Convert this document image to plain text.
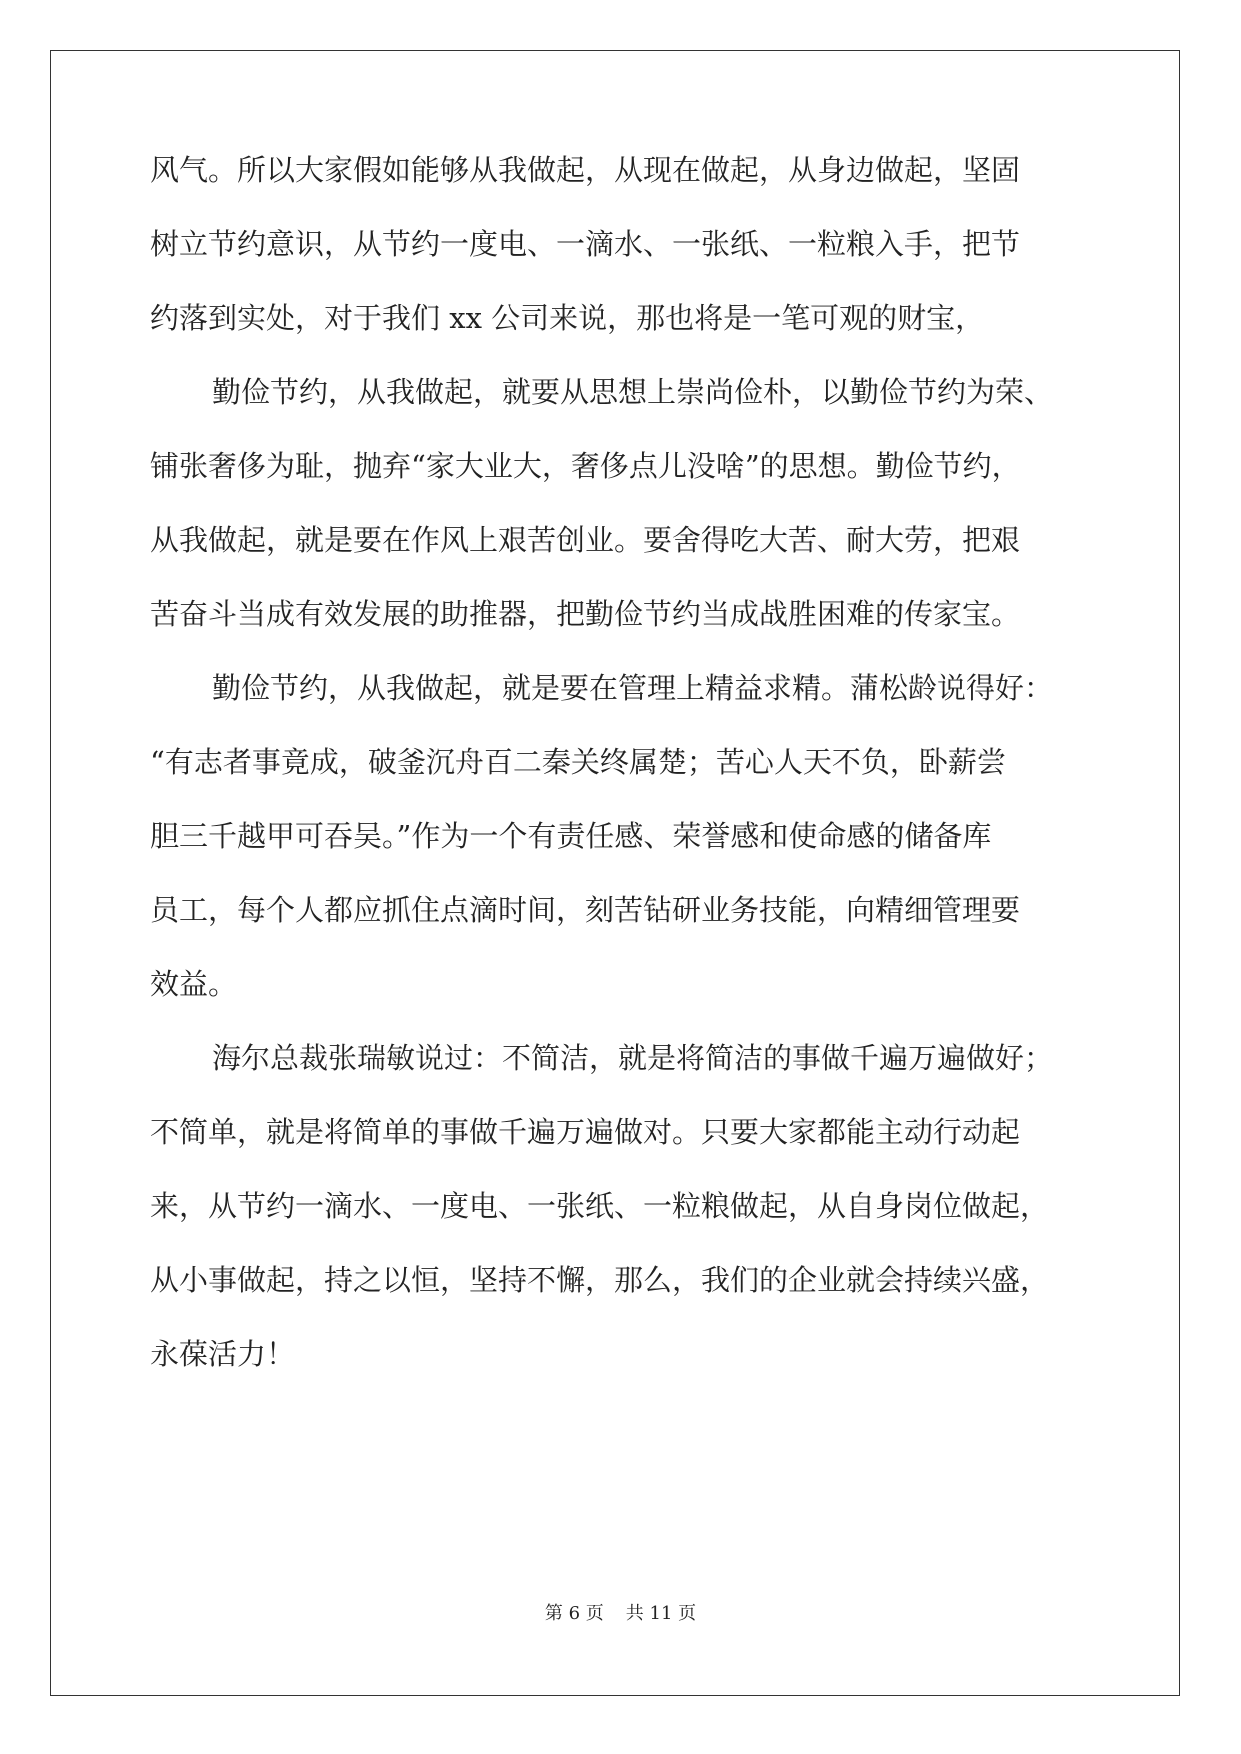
风气。所以大家假如能够从我做起，从现在做起，从身边做起，坚固
树立节约意识，从节约一度电、一滴水、一张纸、一粒粮入手，把节
约落到实处，对于我们 xx 公司来说，那也将是一笔可观的财宝，
勤俭节约，从我做起，就要从思想上崇尚俭朴，以勤俭节约为荣、
铺张奢侈为耻，抛弃“家大业大，奢侈点儿没啥”的思想。勤俭节约，
从我做起，就是要在作风上艰苦创业。要舍得吃大苦、耐大劳，把艰
苦奋斗当成有效发展的助推器，把勤俭节约当成战胜困难的传家宝。
勤俭节约，从我做起，就是要在管理上精益求精。蒲松龄说得好：
“有志者事竟成，破釜沉舟百二秦关终属楚；苦心人天不负，卧薪尝
胆三千越甲可吞吴。”作为一个有责任感、荣誉感和使命感的储备库
员工，每个人都应抓住点滴时间，刻苦钻研业务技能，向精细管理要
效益。
海尔总裁张瑞敏说过：不简洁，就是将简洁的事做千遍万遍做好；
不简单，就是将简单的事做千遍万遍做对。只要大家都能主动行动起
来，从节约一滴水、一度电、一张纸、一粒粮做起，从自身岗位做起，
从小事做起，持之以恒，坚持不懈，那么，我们的企业就会持续兴盛，
永葆活力！
第 6 页 共 11 页
